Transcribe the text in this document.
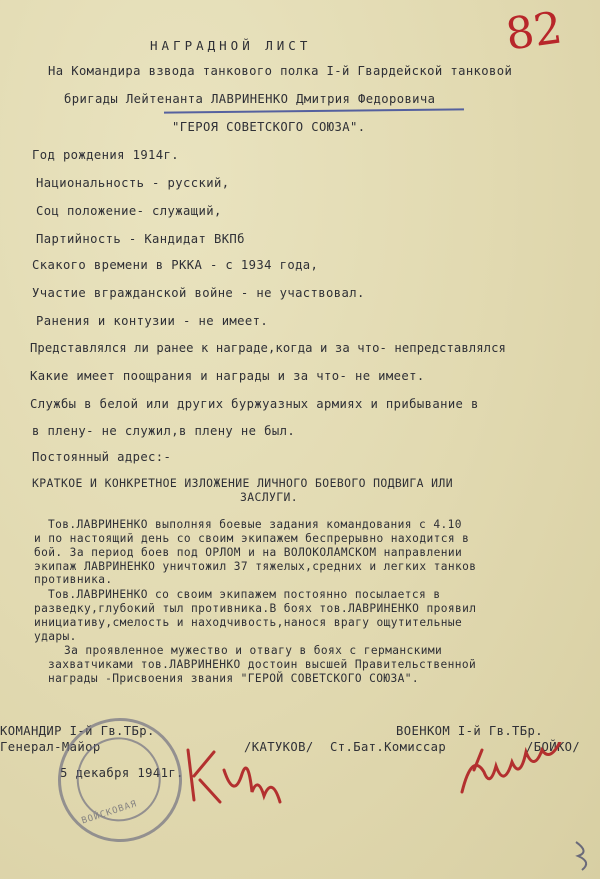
82
НАГРАДНОЙ ЛИСТ
На Командира взвода танкового полка I-й Гвардейской танковой
бригады Лейтенанта ЛАВРИНЕНКО Дмитрия Федоровича
"ГЕРОЯ СОВЕТСКОГО СОЮЗА".
Год рождения 1914г.
Национальность - русский,
Соц положение- служащий,
Партийность - Кандидат ВКПб
Скакого времени в РККА - с 1934 года,
Участие вгражданской войне - не участвовал.
Ранения и контузии - не имеет.
Представлялся ли ранее к награде,когда и за что- непредставлялся
Какие имеет поощрания и награды и за что- не имеет.
Службы в белой или других буржуазных армиях и прибывание в
в плену- не служил,в плену не был.
Постоянный адрес:-
КРАТКОЕ И КОНКРЕТНОЕ ИЗЛОЖЕНИЕ ЛИЧНОГО БОЕВОГО ПОДВИГА ИЛИ
ЗАСЛУГИ.
Тов.ЛАВРИНЕНКО выполняя боевые задания командования с 4.10
и по настоящий день со своим экипажем беспрерывно находится в
бой. За период боев под ОРЛОМ и на ВОЛОКОЛАМСКОМ направлении
экипаж ЛАВРИНЕНКО уничтожил 37 тяжелых,средних и легких танков
противника.
Тов.ЛАВРИНЕНКО со своим экипажем постоянно посылается в
разведку,глубокий тыл противника.В боях тов.ЛАВРИНЕНКО проявил
инициативу,смелость и находчивость,нанося врагу ощутительные
удары.
За проявленное мужество и отвагу в боях с германскими
захватчиками тов.ЛАВРИНЕНКО достоин высшей Правительственной
награды -Присвоения звания "ГЕРОЙ СОВЕТСКОГО СОЮЗА".
КОМАНДИР I-й Гв.ТБр.
Генерал-Майор	/КАТУКОВ/
ВОЕНКОМ I-й Гв.ТБр.
Ст.Бат.Комиссар	/БОЙКО/
5 декабря 1941г.
ВОЙСКОВАЯ
